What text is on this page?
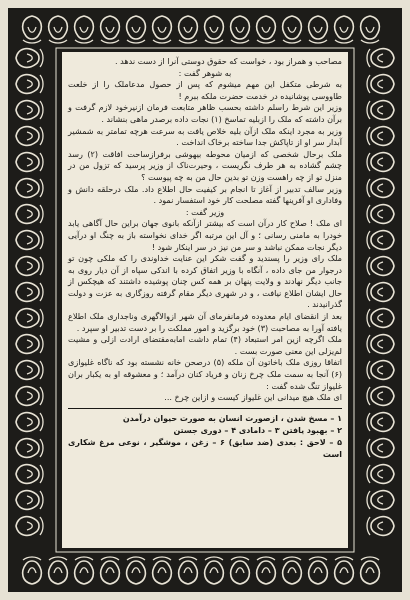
مصاحب و همراز بود ، خواست که حقوق دوستی آنرا از دست ندهد .

به شوهر گفت :

به شرطی متکفل این مهم میشوم که پس از حصول مدعاملک را از خلعت طاووسی پوشانیده در خدمت حضرت ملکه ببرم !

وزیر این شرط راسلم داشته بحسب ظاهر متابعت فرمان ازنیرخود لازم گرفت و برآن داشته که ملک را ازبلیه تماسخ (۱) نجات داده برصدر ماهی بنشاند .

وزیر به مجرد اینکه ملک ازآن بلیه خلاص یافت به سرعت هرچه تمامتر به شمشیر آبدار سر او از تاپاکش جدا ساخته برخاک انداخت .

ملک برحال شخصی که ازمیان محوطه بیهوشی برفرازساحت افاقت (۲) رسد چشم گشاده به هر طرف نگریست ، وحیرت‌ناک از وزیر پرسید که تزول من در منزل تو از چه راهست وزن تو بدین حال من به چه پیوست ؟

وزیر سالف تدبیر از آغاز تا انجام بر کیفیت حال اطلاع داد. ملک درحلقه دانش و وفاداری او آفرینها گفته مصلحت کار خود استفسار نمود .

وزیر گفت :

ای ملک ! صلاح کار درآن است که بیشتر ازآنکه بانوی جهان براین حال آگاهی یابد خودرا به مامنی رسانی ؛ و آل این مرتبه اگر خدای نخواسته باز به چنگ او درآیی دیگر نجات ممکن نباشد و سر من نیز در سر اینکار شود !

ملک رای وزیر را پسندید و گفت شکر این عنایت خداوندی را که ملکی چون تو درجوار من جای داده ، آنگاه با وزیر اتفاق کرده با اندکی سپاه از آن دیار روی به جانب دیگر نهادند و ولایت پنهان بر همه کس چنان پوشیده داشتند که هیچکس از حال ایشان اطلاع نیافت ، و در شهری دیگر مقام گرفته روزگاری به عزت و دولت گذرانیدند .

بعد از انقضای ایام معدوده فرمانفرمای آن شهر ازوالاگهری وناجداری ملک اطلاع یافته آورا به مصاحبت (۳) خود برگزید و امور مملکت را بر دست تدبیر او سپرد .

ملک اگرچه ازین امر استبعاد (۴) تمام داشت امابه‌مقتضای ارادت ازلی و مشیت لم‌یزلی این معنی صورت بست .

اتفاقا روزی ملک باخاتون آن ملکه (۵) درصحن خانه نشسته بود که ناگاه غلیوازی (۶) آنجا به سمت ملک چرخ زنان و فریاد کنان درآمد ؛ و معشوقه او به یکبار بران غلیواز تنگ شده گفت :

ای ملک هیچ میدانی این غلیواز کیست و ازاین چرخ ...

۱ – مسخ شدن ، ازصورت انسان به صورت حیوان درآمدن

۲ – بهبود یافتن ۳ – دامادی ۴ – دوری جستن

۵ – لاحق : بعدی (ضد سابق) ۶ – زغن ، موشگیر ، نوعی مرغ شکاری است
